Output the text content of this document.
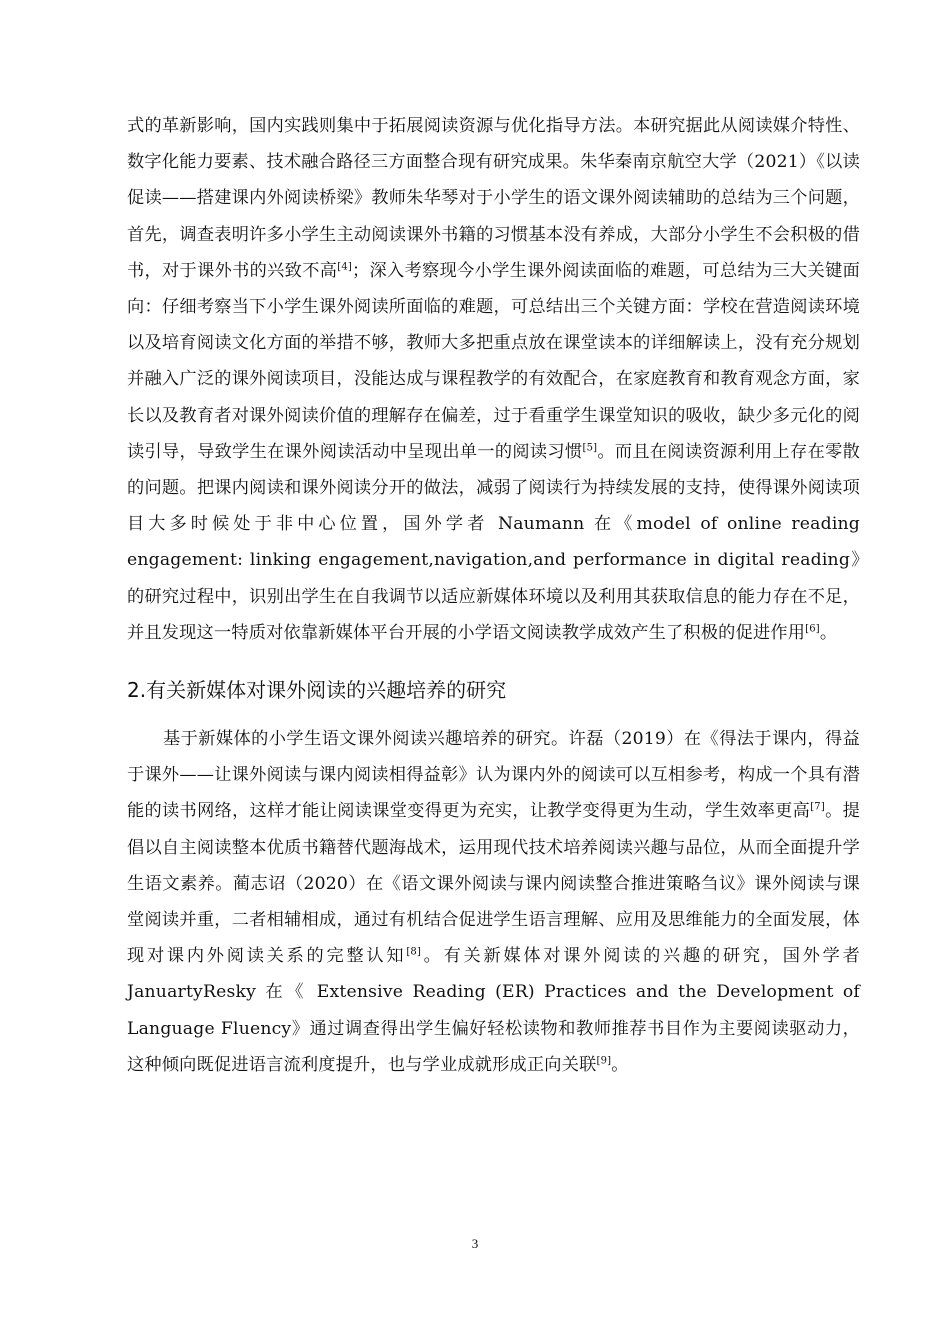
式的革新影响，国内实践则集中于拓展阅读资源与优化指导方法。本研究据此从阅读媒介特性、数字化能力要素、技术融合路径三方面整合现有研究成果。朱华秦南京航空大学（2021）《以读促读——搭建课内外阅读桥梁》教师朱华琴对于小学生的语文课外阅读辅助的总结为三个问题，首先，调查表明许多小学生主动阅读课外书籍的习惯基本没有养成，大部分小学生不会积极的借书，对于课外书的兴致不高[4]；深入考察现今小学生课外阅读面临的难题，可总结为三大关键面向：仔细考察当下小学生课外阅读所面临的难题，可总结出三个关键方面：学校在营造阅读环境以及培育阅读文化方面的举措不够，教师大多把重点放在课堂读本的详细解读上，没有充分规划并融入广泛的课外阅读项目，没能达成与课程教学的有效配合，在家庭教育和教育观念方面，家长以及教育者对课外阅读价值的理解存在偏差，过于看重学生课堂知识的吸收，缺少多元化的阅读引导，导致学生在课外阅读活动中呈现出单一的阅读习惯[5]。而且在阅读资源利用上存在零散的问题。把课内阅读和课外阅读分开的做法，减弱了阅读行为持续发展的支持，使得课外阅读项目大多时候处于非中心位置，国外学者 Naumann 在《model of online reading engagement: linking engagement,navigation,and performance in digital reading》的研究过程中，识别出学生在自我调节以适应新媒体环境以及利用其获取信息的能力存在不足，并且发现这一特质对依靠新媒体平台开展的小学语文阅读教学成效产生了积极的促进作用[6]。

2.有关新媒体对课外阅读的兴趣培养的研究

基于新媒体的小学生语文课外阅读兴趣培养的研究。许磊（2019）在《得法于课内，得益于课外——让课外阅读与课内阅读相得益彰》认为课内外的阅读可以互相参考，构成一个具有潜能的读书网络，这样才能让阅读课堂变得更为充实，让教学变得更为生动，学生效率更高[7]。提倡以自主阅读整本优质书籍替代题海战术，运用现代技术培养阅读兴趣与品位，从而全面提升学生语文素养。蔺志诏（2020）在《语文课外阅读与课内阅读整合推进策略刍议》课外阅读与课堂阅读并重，二者相辅相成，通过有机结合促进学生语言理解、应用及思维能力的全面发展，体现对课内外阅读关系的完整认知[8]。有关新媒体对课外阅读的兴趣的研究，国外学者 JanuartyResky 在《 Extensive Reading (ER) Practices and the Development of Language Fluency》通过调查得出学生偏好轻松读物和教师推荐书目作为主要阅读驱动力，这种倾向既促进语言流利度提升，也与学业成就形成正向关联[9]。

3
